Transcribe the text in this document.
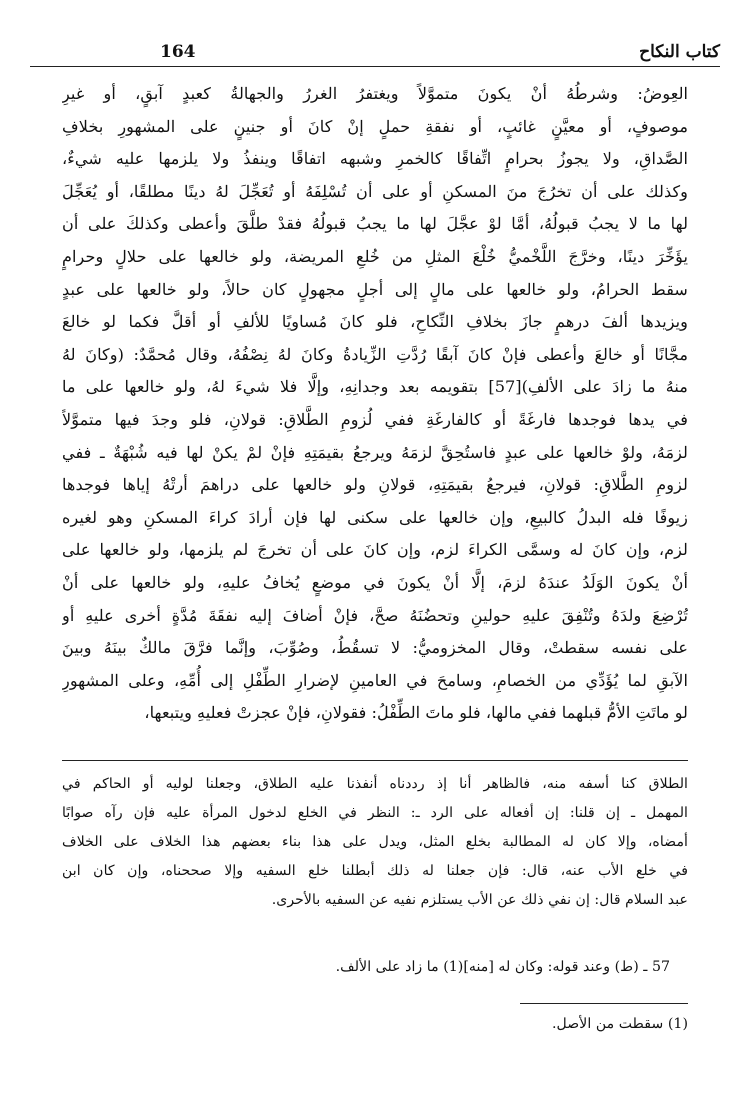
164	كتاب النكاح
العِوضُ: وشرطُهُ أنْ يكونَ متموَّلاً ويغتفرُ الغررُ والجهالةُ كعبدٍ آبقٍ، أو غيرِ
موصوفٍ، أو معيَّنٍ غائبٍ، أو نفقةِ حملٍ إنْ كانَ أو جنينٍ على المشهورِ بخلافِ
الصَّداقِ، ولا يجوزُ بحرامٍ اتِّفاقًا كالخمرِ وشبهه اتفاقًا وينفذُ ولا يلزمها عليه شيءٌ،
وكذلك على أن تخرُجَ منَ المسكنِ أو على أن تُسْلِفَهُ أو تُعَجِّلَ لهُ دينًا مطلقًا، أو يُعَجِّلَ
لها ما لا يجبُ قبولُهُ، أمَّا لوْ عجَّلَ لها ما يجبُ قبولُهُ فقدْ طلَّقَ وأعطى وكذلكَ على أن
يؤَخِّرَ دينًا، وخرَّجَ اللَّخْميُّ خُلْعَ المثلِ من خُلعِ المريضة، ولو خالعها على حلالٍ وحرامٍ
سقط الحرامُ، ولو خالعها على مالٍ إلى أجلٍ مجهولٍ كان حالاً، ولو خالعها على عبدٍ
ويزيدها ألفَ درهمٍ جازَ بخلافِ النِّكاحِ، فلو كانَ مُساويًا للألفِ أو أقلَّ فكما لو خالعَ
مجَّانًا أو خالعَ وأعطى فإنْ كانَ آبقًا رُدَّتِ الزِّيادةُ وكانَ لهُ نِصْفُهُ، وقال مُحمَّدٌ: (وكانَ لهُ
منهُ ما زادَ على الألفِ)[57] بتقويمه بعد وجدانِهِ، وإلَّا فلا شيءَ لهُ، ولو خالعها على ما
في يدها فوجدها فارغَةً أو كالفارغَةِ ففي لُزومِ الطَّلاقِ: قولانِ، فلو وجدَ فيها متموَّلاً
لزمَهُ، ولوْ خالعها على عبدٍ فاستُحِقَّ لزمَهُ ويرجعُ بقيمَتِهِ فإنْ لمْ يكنْ لها فيه شُبْهَةٌ ـ ففي
لزومِ الطَّلاقِ: قولانِ، فيرجعُ بقيمَتِهِ، قولانِ ولو خالعها على دراهمَ أرتْهُ إياها فوجدها
زيوفًا فله البدلُ كالبيعِ، وإن خالعها على سكنى لها فإن أرادَ كراءَ المسكنِ وهو لغيره
لزم، وإن كانَ له وسمَّى الكراءَ لزم، وإن كانَ على أن تخرجَ لم يلزمها، ولو خالعها على
أنْ يكونَ الوَلَدُ عندَهُ لزمَ، إلَّا أنْ يكونَ في موضعٍ يُخافُ عليهِ، ولو خالعها على أنْ
تُرْضِعَ ولدَهُ وتُنْفِقَ عليهِ حولينِ وتحضُنَهُ صحَّ، فإنْ أضافَ إليه نفقَةَ مُدَّةٍ أخرى عليهِ أو
على نفسه سقطتْ، وقال المخزوميُّ: لا تسقُطُ، وصُوِّبَ، وإنَّما فرَّقَ مالكٌ بينَهُ وبينَ
الآبقِ لما يُؤَدِّي من الخصامِ، وسامحَ في العامينِ لإضرارِ الطِّفْلِ إلى أُمِّهِ، وعلى المشهورِ
لو ماتَتِ الأمُّ قبلهما ففي مالها، فلو ماتَ الطِّفْلُ: فقولانِ، فإنْ عجزتْ فعليهِ ويتبعها،
الطلاق كنا أسفه منه، فالظاهر أنا إذ رددناه أنفذنا عليه الطلاق، وجعلنا لوليه أو الحاكم في
المهمل ـ إن قلنا: إن أفعاله على الرد ـ: النظر في الخلع لدخول المرأة عليه فإن رآه صوابًا
أمضاه، وإلا كان له المطالبة بخلع المثل، ويدل على هذا بناء بعضهم هذا الخلاف على الخلاف
في خلع الأب عنه، قال: فإن جعلنا له ذلك أبطلنا خلع السفيه وإلا صححناه، وإن كان ابن
عبد السلام قال: إن نفي ذلك عن الأب يستلزم نفيه عن السفيه بالأحرى.
57 ـ (ط) وعند قوله: وكان له [منه](1) ما زاد على الألف.
(1) سقطت من الأصل.
